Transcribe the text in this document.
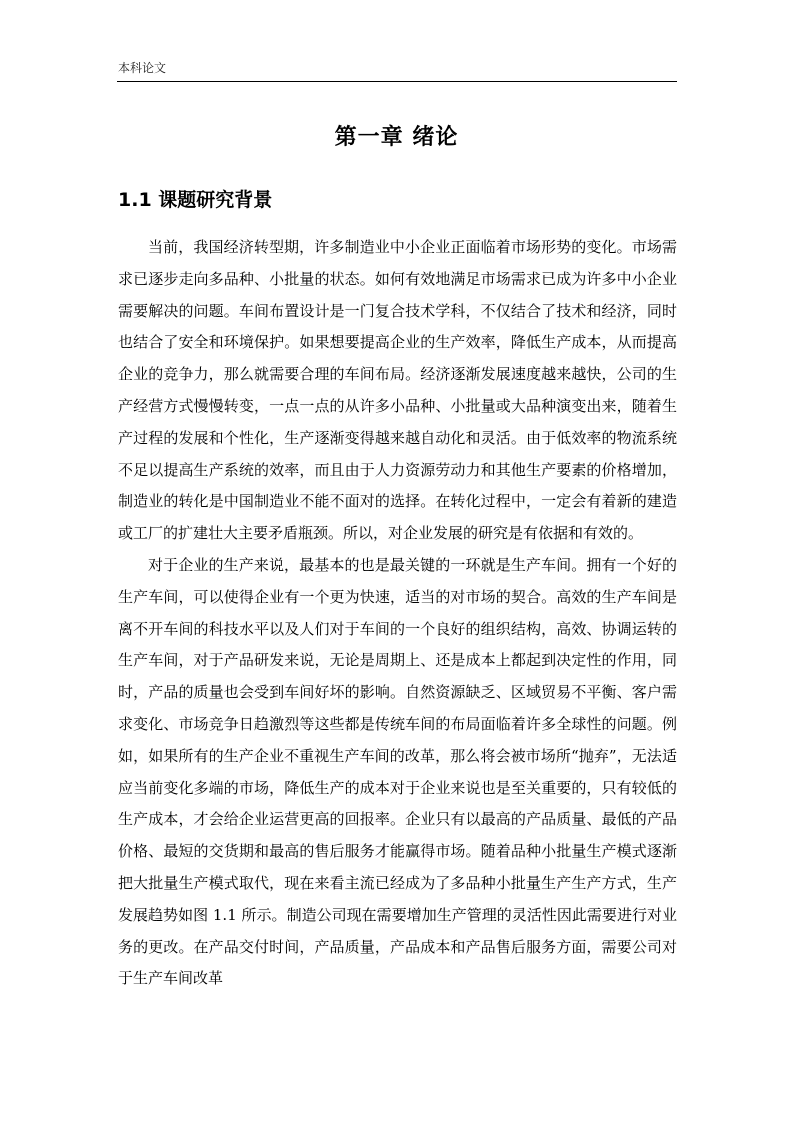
本科论文
第一章 绪论
1.1 课题研究背景

当前，我国经济转型期，许多制造业中小企业正面临着市场形势的变化。市场需求已逐步走向多品种、小批量的状态。如何有效地满足市场需求已成为许多中小企业需要解决的问题。车间布置设计是一门复合技术学科，不仅结合了技术和经济，同时也结合了安全和环境保护。如果想要提高企业的生产效率，降低生产成本，从而提高企业的竞争力，那么就需要合理的车间布局。经济逐渐发展速度越来越快，公司的生产经营方式慢慢转变，一点一点的从许多小品种、小批量或大品种演变出来，随着生产过程的发展和个性化，生产逐渐变得越来越自动化和灵活。由于低效率的物流系统不足以提高生产系统的效率，而且由于人力资源劳动力和其他生产要素的价格增加，制造业的转化是中国制造业不能不面对的选择。在转化过程中，一定会有着新的建造或工厂的扩建壮大主要矛盾瓶颈。所以，对企业发展的研究是有依据和有效的。

对于企业的生产来说，最基本的也是最关键的一环就是生产车间。拥有一个好的生产车间，可以使得企业有一个更为快速，适当的对市场的契合。高效的生产车间是离不开车间的科技水平以及人们对于车间的一个良好的组织结构，高效、协调运转的生产车间，对于产品研发来说，无论是周期上、还是成本上都起到决定性的作用，同时，产品的质量也会受到车间好坏的影响。自然资源缺乏、区域贸易不平衡、客户需求变化、市场竞争日趋激烈等这些都是传统车间的布局面临着许多全球性的问题。例如，如果所有的生产企业不重视生产车间的改革，那么将会被市场所“抛弃”，无法适应当前变化多端的市场，降低生产的成本对于企业来说也是至关重要的，只有较低的生产成本，才会给企业运营更高的回报率。企业只有以最高的产品质量、最低的产品价格、最短的交货期和最高的售后服务才能赢得市场。随着品种小批量生产模式逐渐把大批量生产模式取代，现在来看主流已经成为了多品种小批量生产生产方式，生产发展趋势如图 1.1 所示。制造公司现在需要增加生产管理的灵活性因此需要进行对业务的更改。在产品交付时间，产品质量，产品成本和产品售后服务方面，需要公司对于生产车间改革
